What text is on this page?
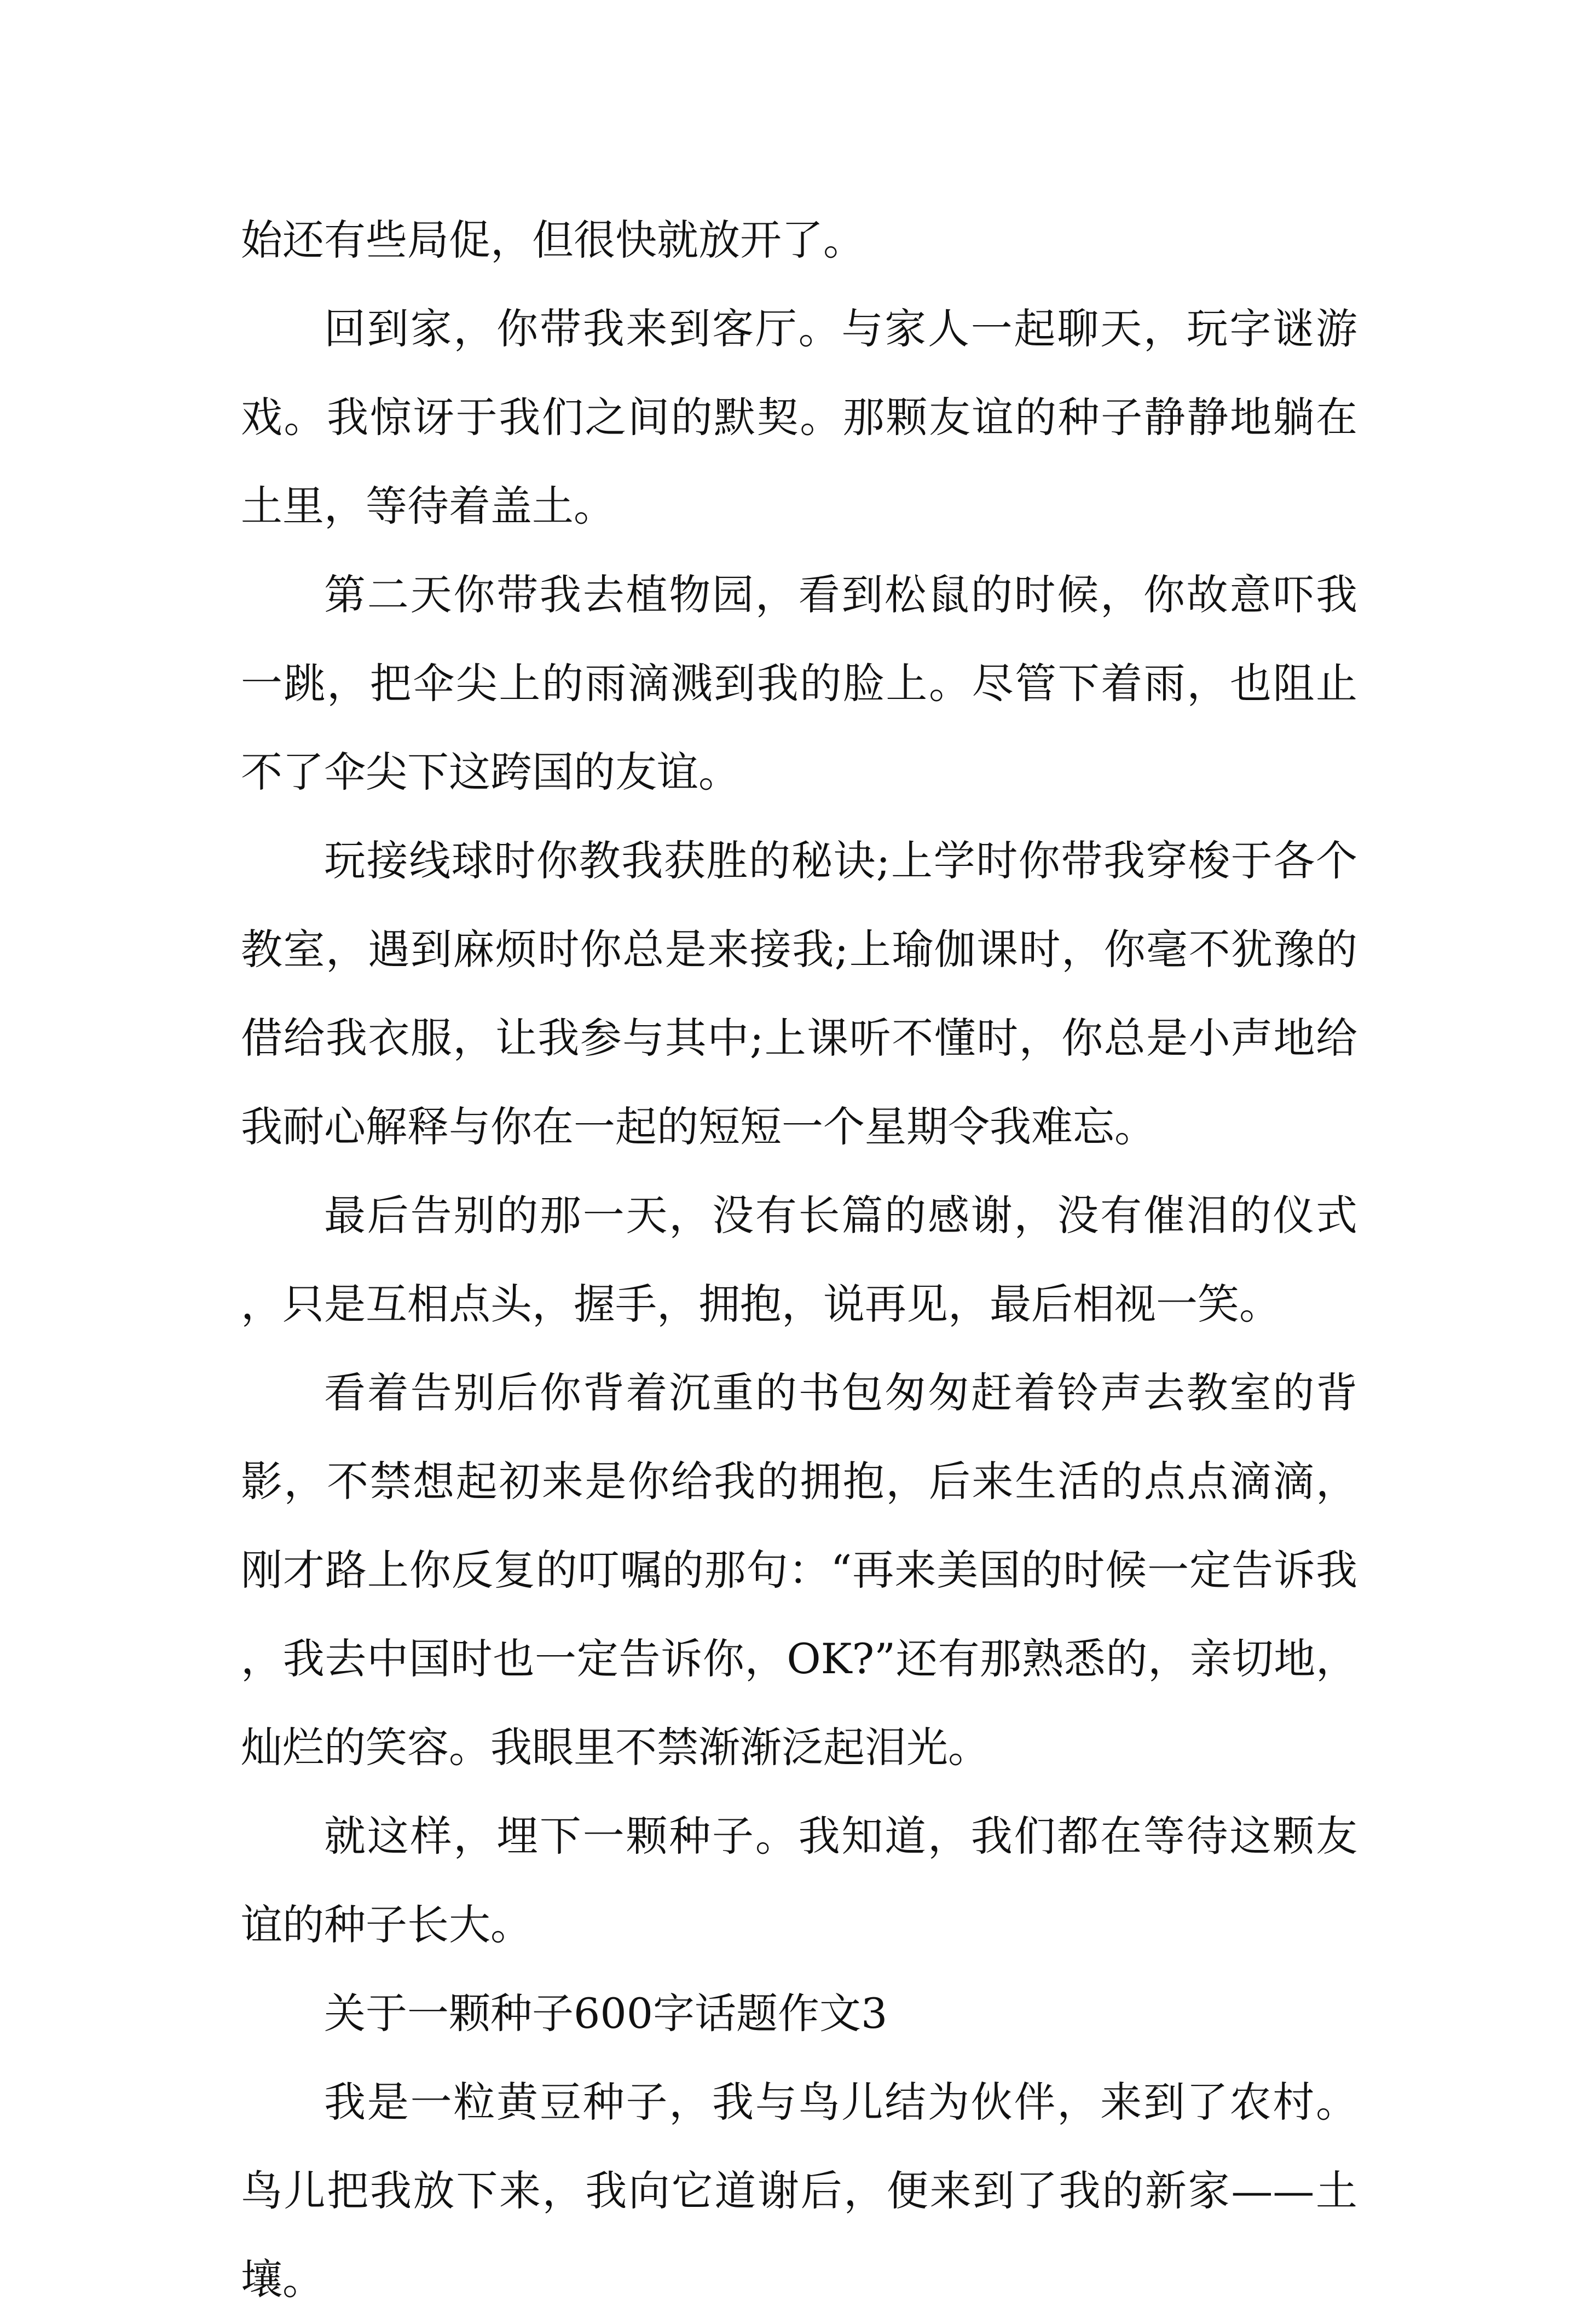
始还有些局促，但很快就放开了。

回到家，你带我来到客厅。与家人一起聊天，玩字谜游戏。我惊讶于我们之间的默契。那颗友谊的种子静静地躺在土里，等待着盖土。

第二天你带我去植物园，看到松鼠的时候，你故意吓我一跳，把伞尖上的雨滴溅到我的脸上。尽管下着雨，也阻止不了伞尖下这跨国的友谊。

玩接线球时你教我获胜的秘诀;上学时你带我穿梭于各个教室，遇到麻烦时你总是来接我;上瑜伽课时，你毫不犹豫的借给我衣服，让我参与其中;上课听不懂时，你总是小声地给我耐心解释与你在一起的短短一个星期令我难忘。

最后告别的那一天，没有长篇的感谢，没有催泪的仪式，只是互相点头，握手，拥抱，说再见，最后相视一笑。

看着告别后你背着沉重的书包匆匆赶着铃声去教室的背影，不禁想起初来是你给我的拥抱，后来生活的点点滴滴，刚才路上你反复的叮嘱的那句：“再来美国的时候一定告诉我，我去中国时也一定告诉你，OK?”还有那熟悉的，亲切地，灿烂的笑容。我眼里不禁渐渐泛起泪光。

就这样，埋下一颗种子。我知道，我们都在等待这颗友谊的种子长大。

关于一颗种子600字话题作文3

我是一粒黄豆种子，我与鸟儿结为伙伴，来到了农村。鸟儿把我放下来，我向它道谢后，便来到了我的新家——土壤。
